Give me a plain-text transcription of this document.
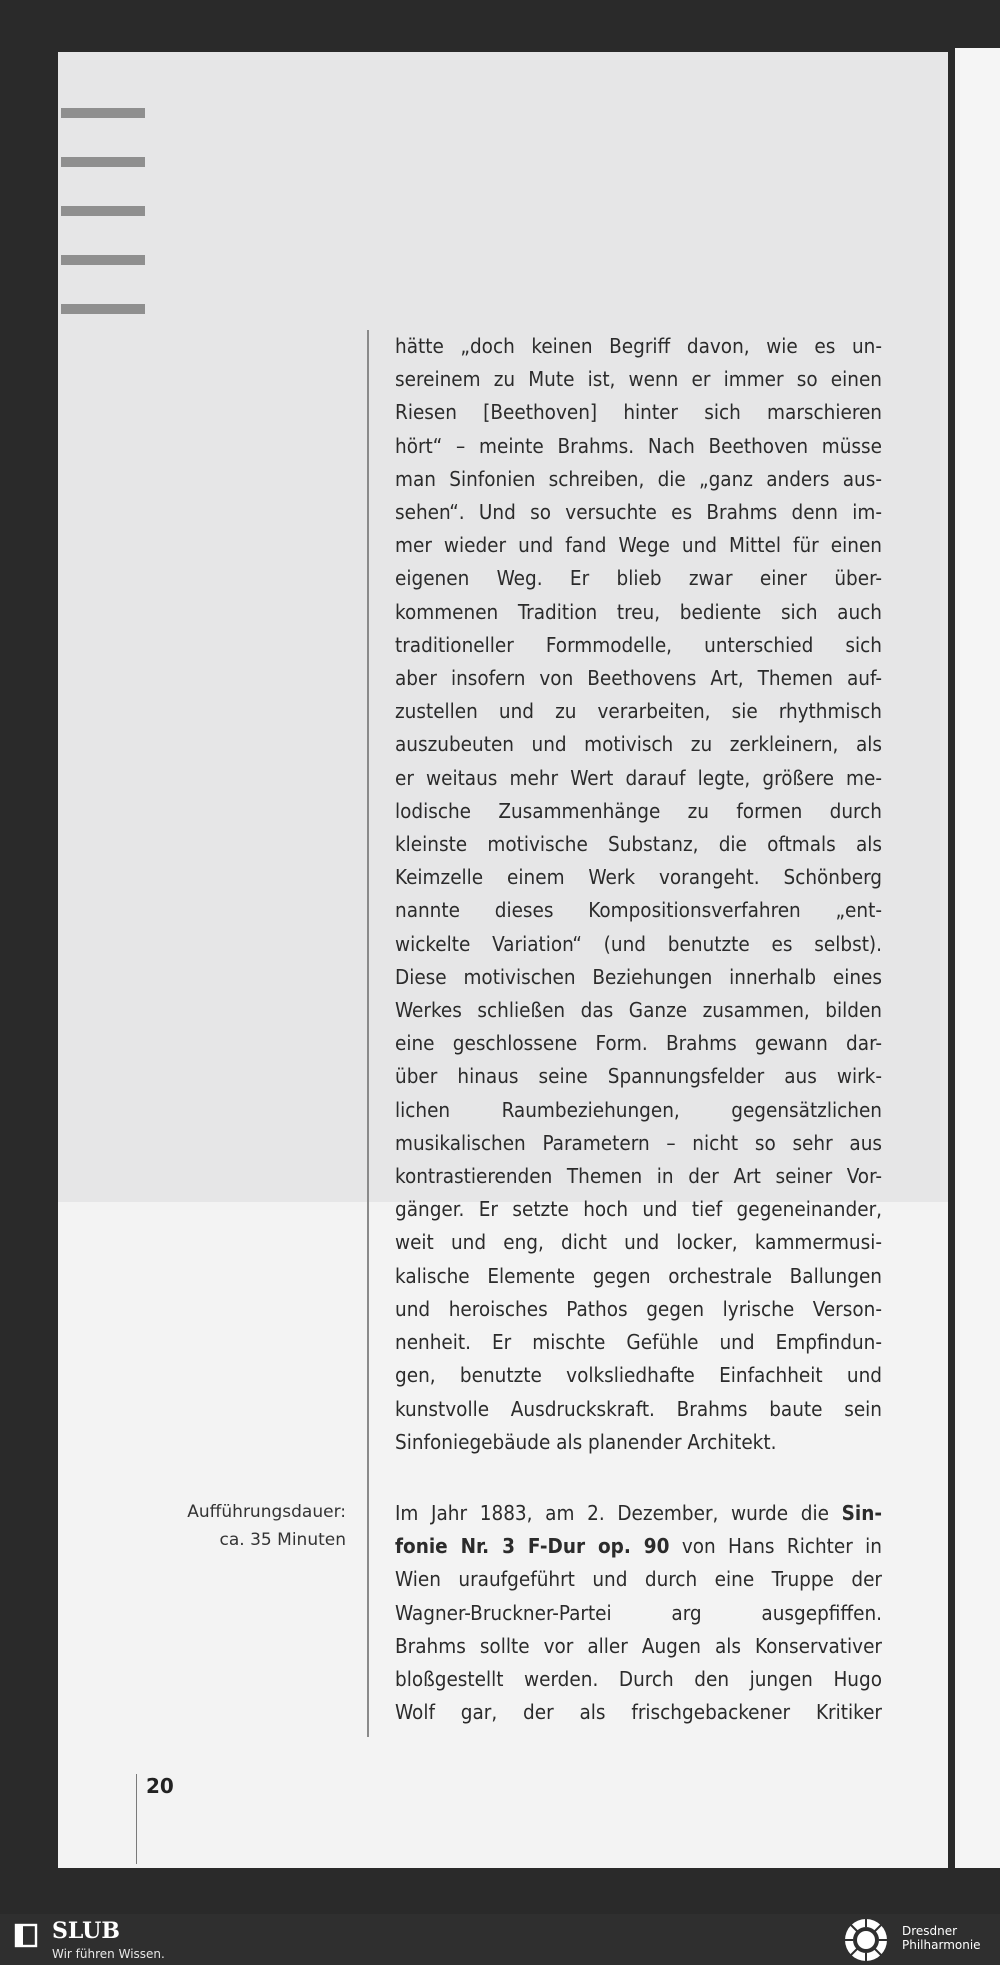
hätte „doch keinen Begriff davon, wie es un-
sereinem zu Mute ist, wenn er immer so einen
Riesen [Beethoven] hinter sich marschieren
hört“ – meinte Brahms. Nach Beethoven müsse
man Sinfonien schreiben, die „ganz anders aus-
sehen“. Und so versuchte es Brahms denn im-
mer wieder und fand Wege und Mittel für einen
eigenen Weg. Er blieb zwar einer über-
kommenen Tradition treu, bediente sich auch
traditioneller Formmodelle, unterschied sich
aber insofern von Beethovens Art, Themen auf-
zustellen und zu verarbeiten, sie rhythmisch
auszubeuten und motivisch zu zerkleinern, als
er weitaus mehr Wert darauf legte, größere me-
lodische Zusammenhänge zu formen durch
kleinste motivische Substanz, die oftmals als
Keimzelle einem Werk vorangeht. Schönberg
nannte dieses Kompositionsverfahren „ent-
wickelte Variation“ (und benutzte es selbst).
Diese motivischen Beziehungen innerhalb eines
Werkes schließen das Ganze zusammen, bilden
eine geschlossene Form. Brahms gewann dar-
über hinaus seine Spannungsfelder aus wirk-
lichen Raumbeziehungen, gegensätzlichen
musikalischen Parametern – nicht so sehr aus
kontrastierenden Themen in der Art seiner Vor-
gänger. Er setzte hoch und tief gegeneinander,
weit und eng, dicht und locker, kammermusi-
kalische Elemente gegen orchestrale Ballungen
und heroisches Pathos gegen lyrische Verson-
nenheit. Er mischte Gefühle und Empfindun-
gen, benutzte volksliedhafte Einfachheit und
kunstvolle Ausdruckskraft. Brahms baute sein
Sinfoniegebäude als planender Architekt.
Im Jahr 1883, am 2. Dezember, wurde die Sin-
fonie Nr. 3 F-Dur op. 90 von Hans Richter in
Wien uraufgeführt und durch eine Truppe der
Wagner-Bruckner-Partei arg ausgepfiffen.
Brahms sollte vor aller Augen als Konservativer
bloßgestellt werden. Durch den jungen Hugo
Wolf gar, der als frischgebackener Kritiker
Aufführungsdauer:
ca. 35 Minuten
20
SLUB
Wir führen Wissen.
Dresdner
Philharmonie
